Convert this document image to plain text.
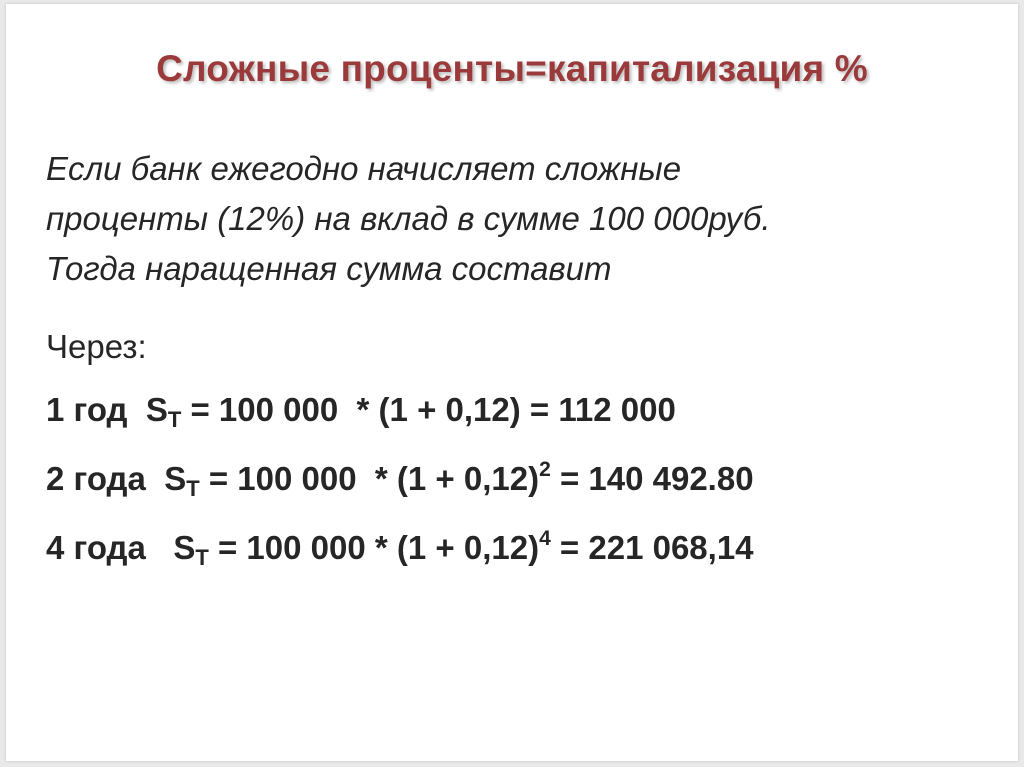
Сложные проценты=капитализация %
Если банк ежегодно начисляет сложные
проценты (12%) на вклад в сумме 100 000руб.
Тогда наращенная сумма составит
Через:
1 год  $S_T = 100$ 000  * (1 + 0,12) = 112 000
2 года  $S_T = 100$ $000 * (1 + 0,12)^2 = 140$ 492.80
4 года   $S_T = 100$ $000 * (1 + 0,12)^4 = 221$ 068,14
